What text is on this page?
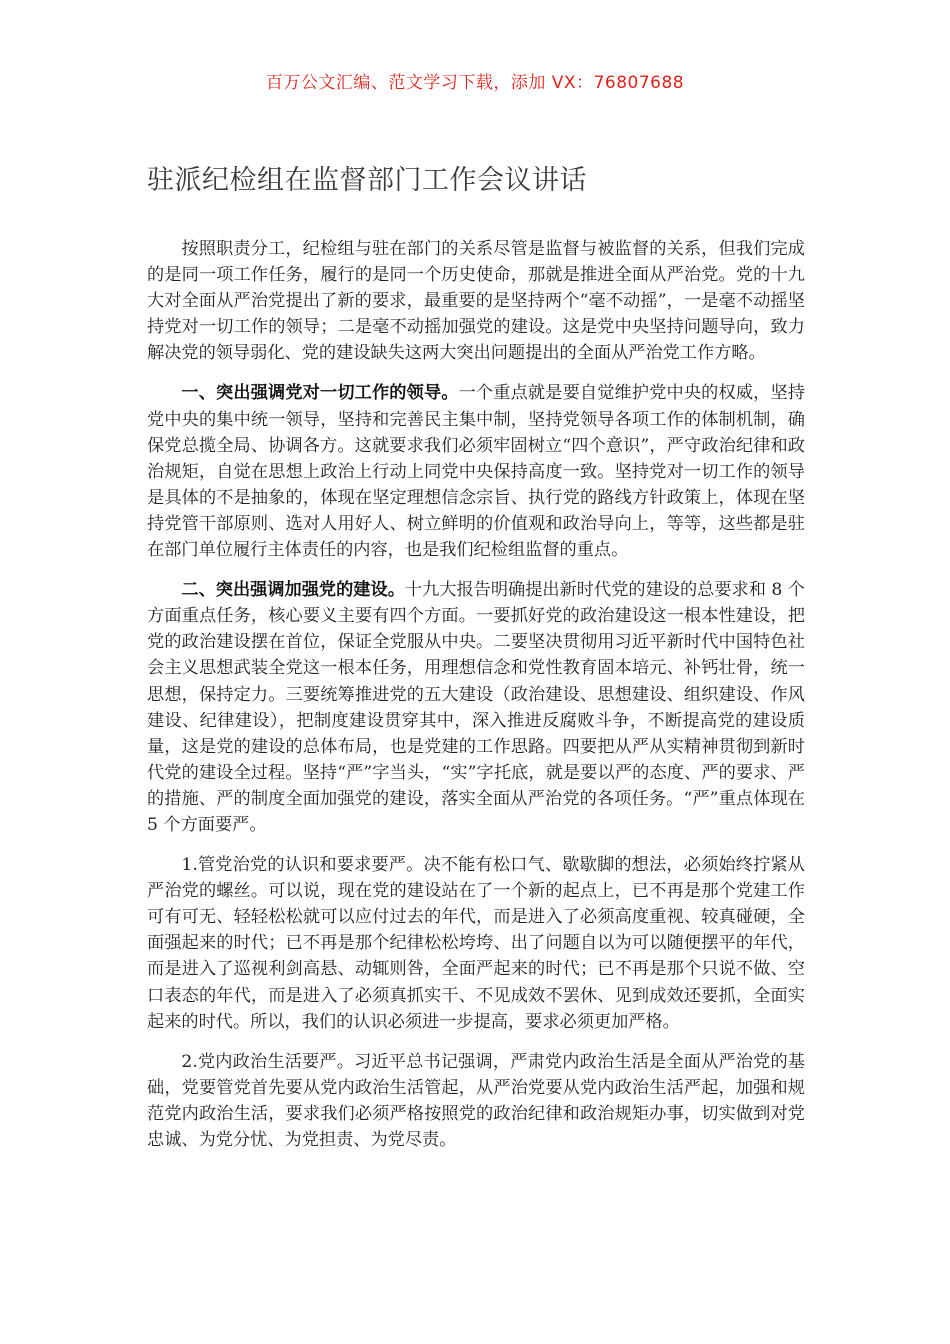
百万公文汇编、范文学习下载，添加 VX：76807688
驻派纪检组在监督部门工作会议讲话

按照职责分工，纪检组与驻在部门的关系尽管是监督与被监督的关系，但我们完成的是同一项工作任务，履行的是同一个历史使命，那就是推进全面从严治党。党的十九大对全面从严治党提出了新的要求，最重要的是坚持两个“毫不动摇”，一是毫不动摇坚持党对一切工作的领导；二是毫不动摇加强党的建设。这是党中央坚持问题导向，致力解决党的领导弱化、党的建设缺失这两大突出问题提出的全面从严治党工作方略。

一、突出强调党对一切工作的领导。一个重点就是要自觉维护党中央的权威，坚持党中央的集中统一领导，坚持和完善民主集中制，坚持党领导各项工作的体制机制，确保党总揽全局、协调各方。这就要求我们必须牢固树立“四个意识”，严守政治纪律和政治规矩，自觉在思想上政治上行动上同党中央保持高度一致。坚持党对一切工作的领导是具体的不是抽象的，体现在坚定理想信念宗旨、执行党的路线方针政策上，体现在坚持党管干部原则、选对人用好人、树立鲜明的价值观和政治导向上，等等，这些都是驻在部门单位履行主体责任的内容，也是我们纪检组监督的重点。

二、突出强调加强党的建设。十九大报告明确提出新时代党的建设的总要求和 8 个方面重点任务，核心要义主要有四个方面。一要抓好党的政治建设这一根本性建设，把党的政治建设摆在首位，保证全党服从中央。二要坚决贯彻用习近平新时代中国特色社会主义思想武装全党这一根本任务，用理想信念和党性教育固本培元、补钙壮骨，统一思想，保持定力。三要统筹推进党的五大建设（政治建设、思想建设、组织建设、作风建设、纪律建设），把制度建设贯穿其中，深入推进反腐败斗争，不断提高党的建设质量，这是党的建设的总体布局，也是党建的工作思路。四要把从严从实精神贯彻到新时代党的建设全过程。坚持“严”字当头，“实”字托底，就是要以严的态度、严的要求、严的措施、严的制度全面加强党的建设，落实全面从严治党的各项任务。“严”重点体现在 5 个方面要严。

1.管党治党的认识和要求要严。决不能有松口气、歇歇脚的想法，必须始终拧紧从严治党的螺丝。可以说，现在党的建设站在了一个新的起点上，已不再是那个党建工作可有可无、轻轻松松就可以应付过去的年代，而是进入了必须高度重视、较真碰硬，全面强起来的时代；已不再是那个纪律松松垮垮、出了问题自以为可以随便摆平的年代，而是进入了巡视利剑高悬、动辄则咎，全面严起来的时代；已不再是那个只说不做、空口表态的年代，而是进入了必须真抓实干、不见成效不罢休、见到成效还要抓，全面实起来的时代。所以，我们的认识必须进一步提高，要求必须更加严格。

2.党内政治生活要严。习近平总书记强调，严肃党内政治生活是全面从严治党的基础，党要管党首先要从党内政治生活管起，从严治党要从党内政治生活严起，加强和规范党内政治生活，要求我们必须严格按照党的政治纪律和政治规矩办事，切实做到对党忠诚、为党分忧、为党担责、为党尽责。
